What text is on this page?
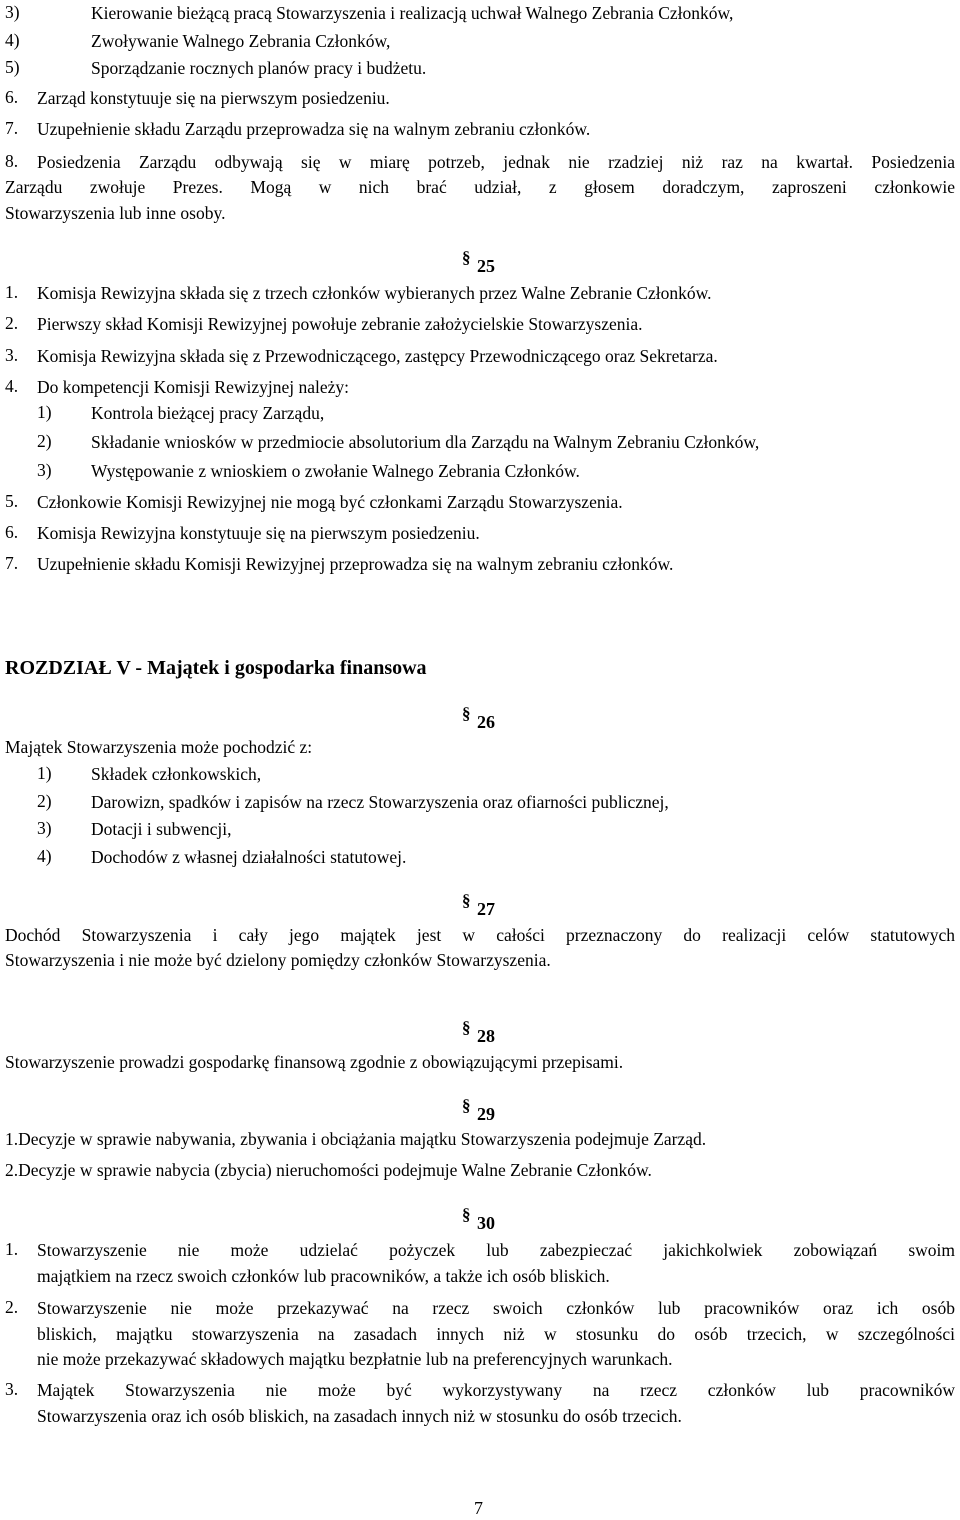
3)	Kierowanie bieżącą pracą Stowarzyszenia i realizacją uchwał Walnego Zebrania Członków,
4)	Zwoływanie Walnego Zebrania Członków,
5)	Sporządzanie rocznych planów pracy i budżetu.
6. Zarząd konstytuuje się na pierwszym posiedzeniu.
7. Uzupełnienie składu Zarządu przeprowadza się na walnym zebraniu członków.
8. Posiedzenia Zarządu odbywają się w miarę potrzeb, jednak nie rzadziej niż raz na kwartał. Posiedzenia
Zarządu zwołuje Prezes. Mogą w nich brać udział, z głosem doradczym, zaproszeni członkowie
Stowarzyszenia lub inne osoby.
§ 25
1. Komisja Rewizyjna składa się z trzech członków wybieranych przez Walne Zebranie Członków.
2. Pierwszy skład Komisji Rewizyjnej powołuje zebranie założycielskie Stowarzyszenia.
3. Komisja Rewizyjna składa się z Przewodniczącego, zastępcy Przewodniczącego oraz Sekretarza.
4. Do kompetencji Komisji Rewizyjnej należy:
1) Kontrola bieżącej pracy Zarządu,
2) Składanie wniosków w przedmiocie absolutorium dla Zarządu na Walnym Zebraniu Członków,
3) Występowanie z wnioskiem o zwołanie Walnego Zebrania Członków.
5. Członkowie Komisji Rewizyjnej nie mogą być członkami Zarządu Stowarzyszenia.
6. Komisja Rewizyjna konstytuuje się na pierwszym posiedzeniu.
7. Uzupełnienie składu Komisji Rewizyjnej przeprowadza się na walnym zebraniu członków.
ROZDZIAŁ V - Majątek i gospodarka finansowa
§ 26
Majątek Stowarzyszenia może pochodzić z:
1) Składek członkowskich,
2) Darowizn, spadków i zapisów na rzecz Stowarzyszenia oraz ofiarności publicznej,
3) Dotacji i subwencji,
4) Dochodów z własnej działalności statutowej.
§ 27
Dochód Stowarzyszenia i cały jego majątek jest w całości przeznaczony do realizacji celów statutowych
Stowarzyszenia i nie może być dzielony pomiędzy członków Stowarzyszenia.
§ 28
Stowarzyszenie prowadzi gospodarkę finansową zgodnie z obowiązującymi przepisami.
§ 29
1.Decyzje w sprawie nabywania, zbywania i obciążania majątku Stowarzyszenia podejmuje Zarząd.
2.Decyzje w sprawie nabycia (zbycia) nieruchomości podejmuje Walne Zebranie Członków.
§ 30
1. Stowarzyszenie nie może udzielać pożyczek lub zabezpieczać jakichkolwiek zobowiązań swoim
majątkiem na rzecz swoich członków lub pracowników, a także ich osób bliskich.
2. Stowarzyszenie nie może przekazywać na rzecz swoich członków lub pracowników oraz ich osób
bliskich, majątku stowarzyszenia na zasadach innych niż w stosunku do osób trzecich, w szczególności
nie może przekazywać składowych majątku bezpłatnie lub na preferencyjnych warunkach.
3. Majątek Stowarzyszenia nie może być wykorzystywany na rzecz członków lub pracowników
Stowarzyszenia oraz ich osób bliskich, na zasadach innych niż w stosunku do osób trzecich.
7
